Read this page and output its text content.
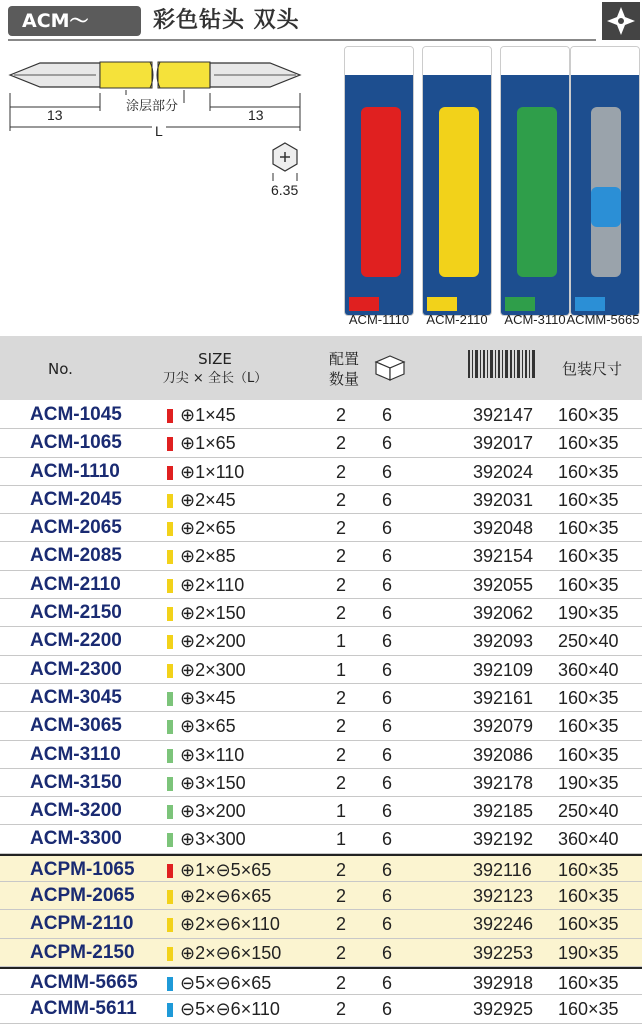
ACM～	彩色钻头 双头
涂层部分
13	13
L
6.35
ACM-1110	ACM-2110	ACM-3110 ACMM-5665
No.
SIZE
刀尖 × 全长（L）
配置
数量
包装尺寸
ACM-1045	⊕1×45	2 6	392147 160×35
ACM-1065	⊕1×65	2 6	392017 160×35
ACM-1110	⊕1×110	2 6	392024 160×35
ACM-2045	⊕2×45	2 6	392031 160×35
ACM-2065	⊕2×65	2 6	392048 160×35
ACM-2085	⊕2×85	2 6	392154 160×35
ACM-2110	⊕2×110	2 6	392055 160×35
ACM-2150	⊕2×150	2 6	392062 190×35
ACM-2200	⊕2×200	1 6	392093 250×40
ACM-2300	⊕2×300	1 6	392109 360×40
ACM-3045	⊕3×45	2 6	392161 160×35
ACM-3065	⊕3×65	2 6	392079 160×35
ACM-3110	⊕3×110	2 6	392086 160×35
ACM-3150	⊕3×150	2 6	392178 190×35
ACM-3200	⊕3×200	1 6	392185 250×40
ACM-3300	⊕3×300	1 6	392192 360×40
ACPM-1065	⊕1×⊖5×65	2 6	392116 160×35
ACPM-2065	⊕2×⊖6×65	2 6	392123 160×35
ACPM-2110	⊕2×⊖6×110	2 6	392246 160×35
ACPM-2150	⊕2×⊖6×150	2 6	392253 190×35
ACMM-5665 ⊖5×⊖6×65	2 6	392918 160×35
ACMM-5611 ⊖5×⊖6×110	2 6	392925 160×35
